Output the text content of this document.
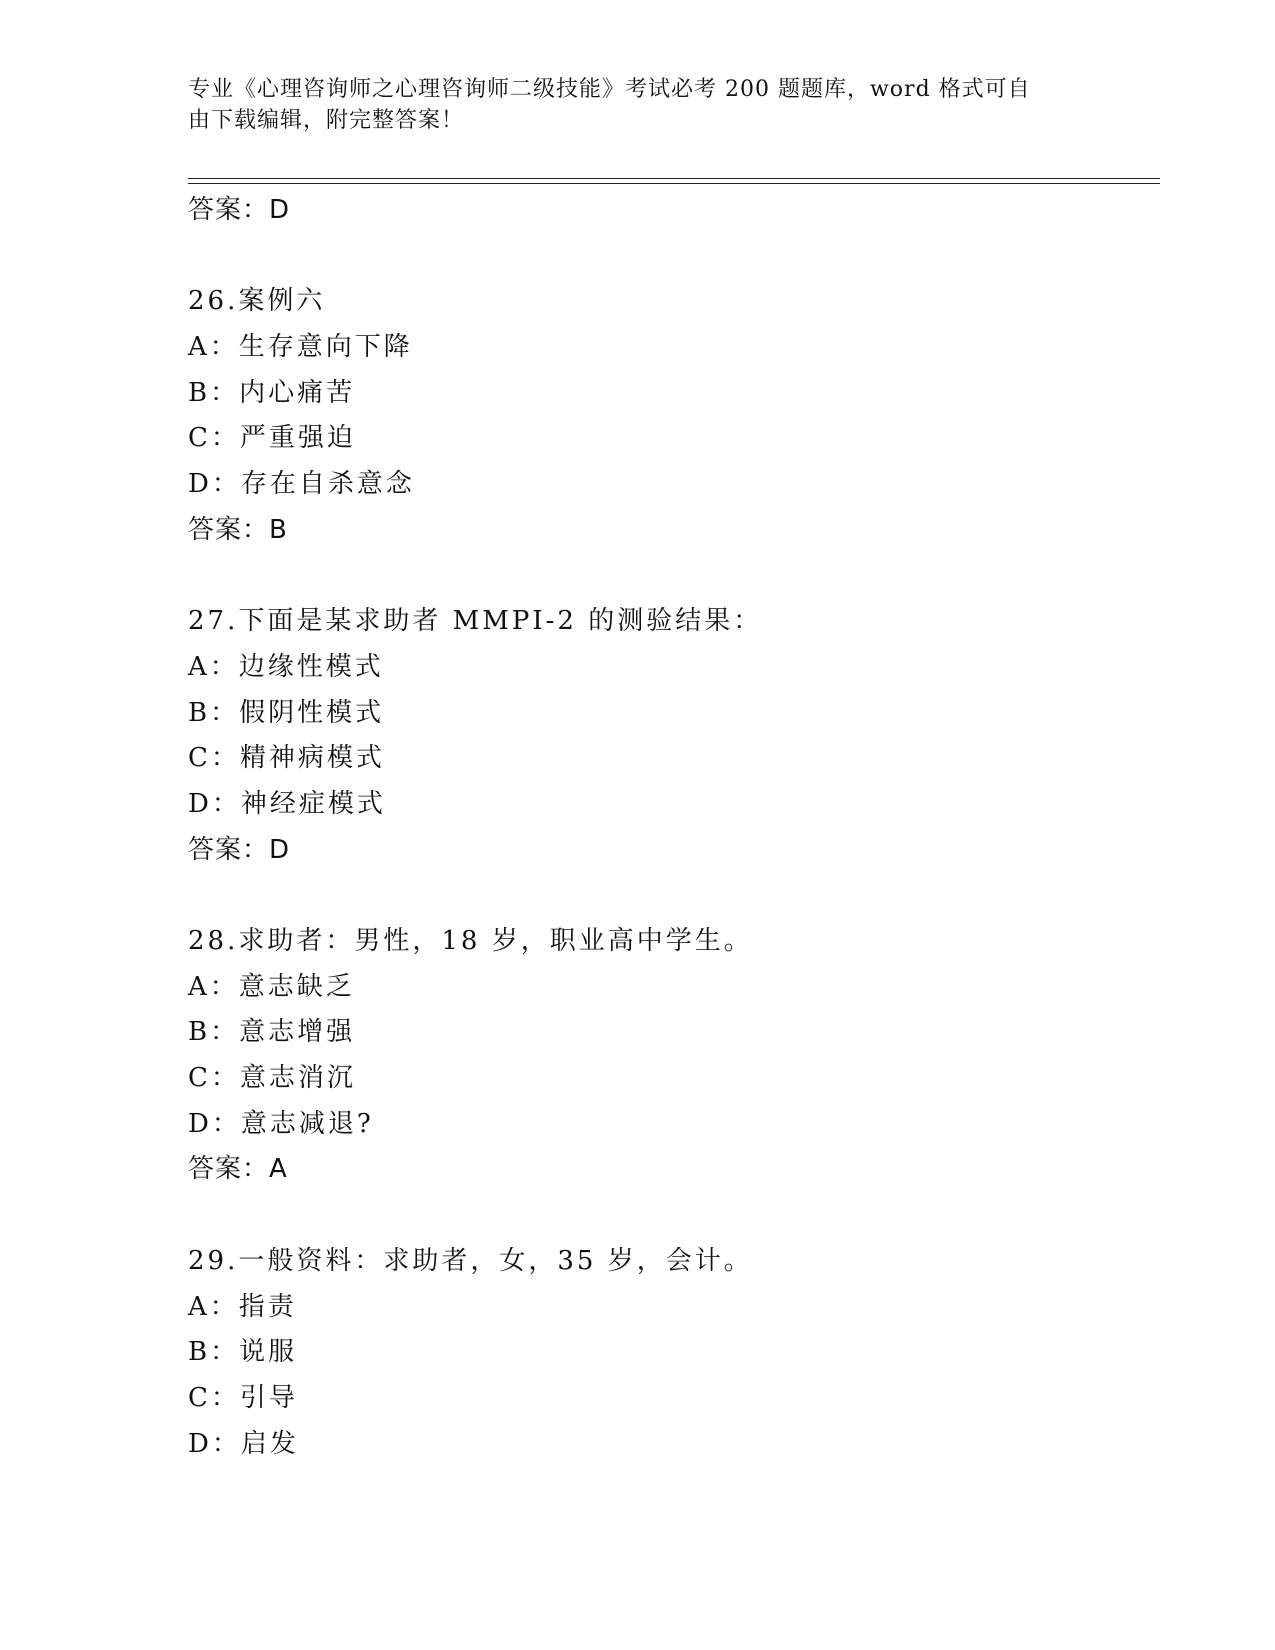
专业《心理咨询师之心理咨询师二级技能》考试必考 200 题题库，word 格式可自
由下载编辑，附完整答案！
答案：D
26.案例六
A：生存意向下降
B：内心痛苦
C：严重强迫
D：存在自杀意念
答案：B
27.下面是某求助者 MMPI-2 的测验结果：
A：边缘性模式
B：假阴性模式
C：精神病模式
D：神经症模式
答案：D
28.求助者：男性，18 岁，职业高中学生。
A：意志缺乏
B：意志增强
C：意志消沉
D：意志减退?
答案：A
29.一般资料：求助者，女，35 岁，会计。
A：指责
B：说服
C：引导
D：启发
